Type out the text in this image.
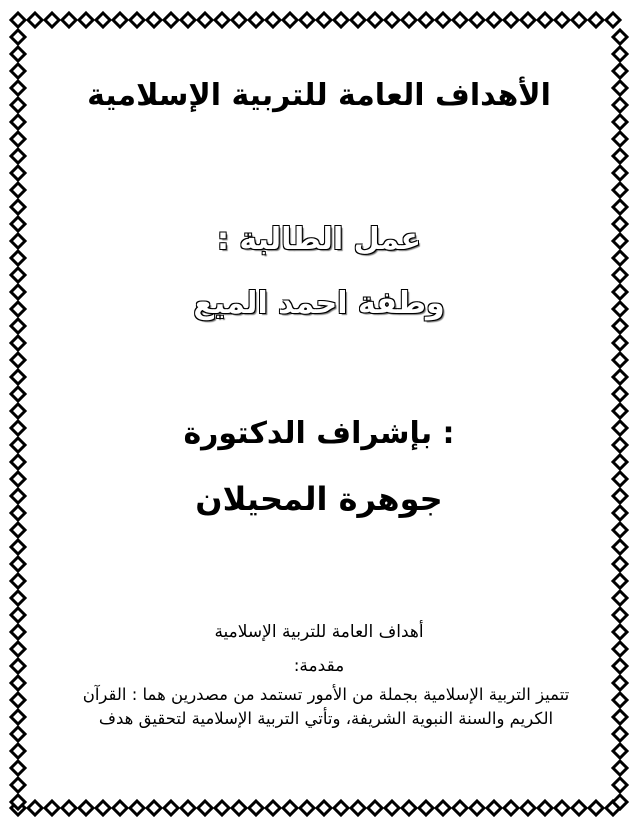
الأهداف العامة للتربية الإسلامية
عمل الطالبة :
وطفة احمد الميع
: بإشراف الدكتورة
جوهرة المحيلان
أهداف العامة للتربية الإسلامية
مقدمة:
تتميز التربية الإسلامية بجملة من الأمور تستمد من مصدرين هما : القرآن الكريم والسنة النبوية الشريفة، وتأتي التربية الإسلامية لتحقيق هدف
